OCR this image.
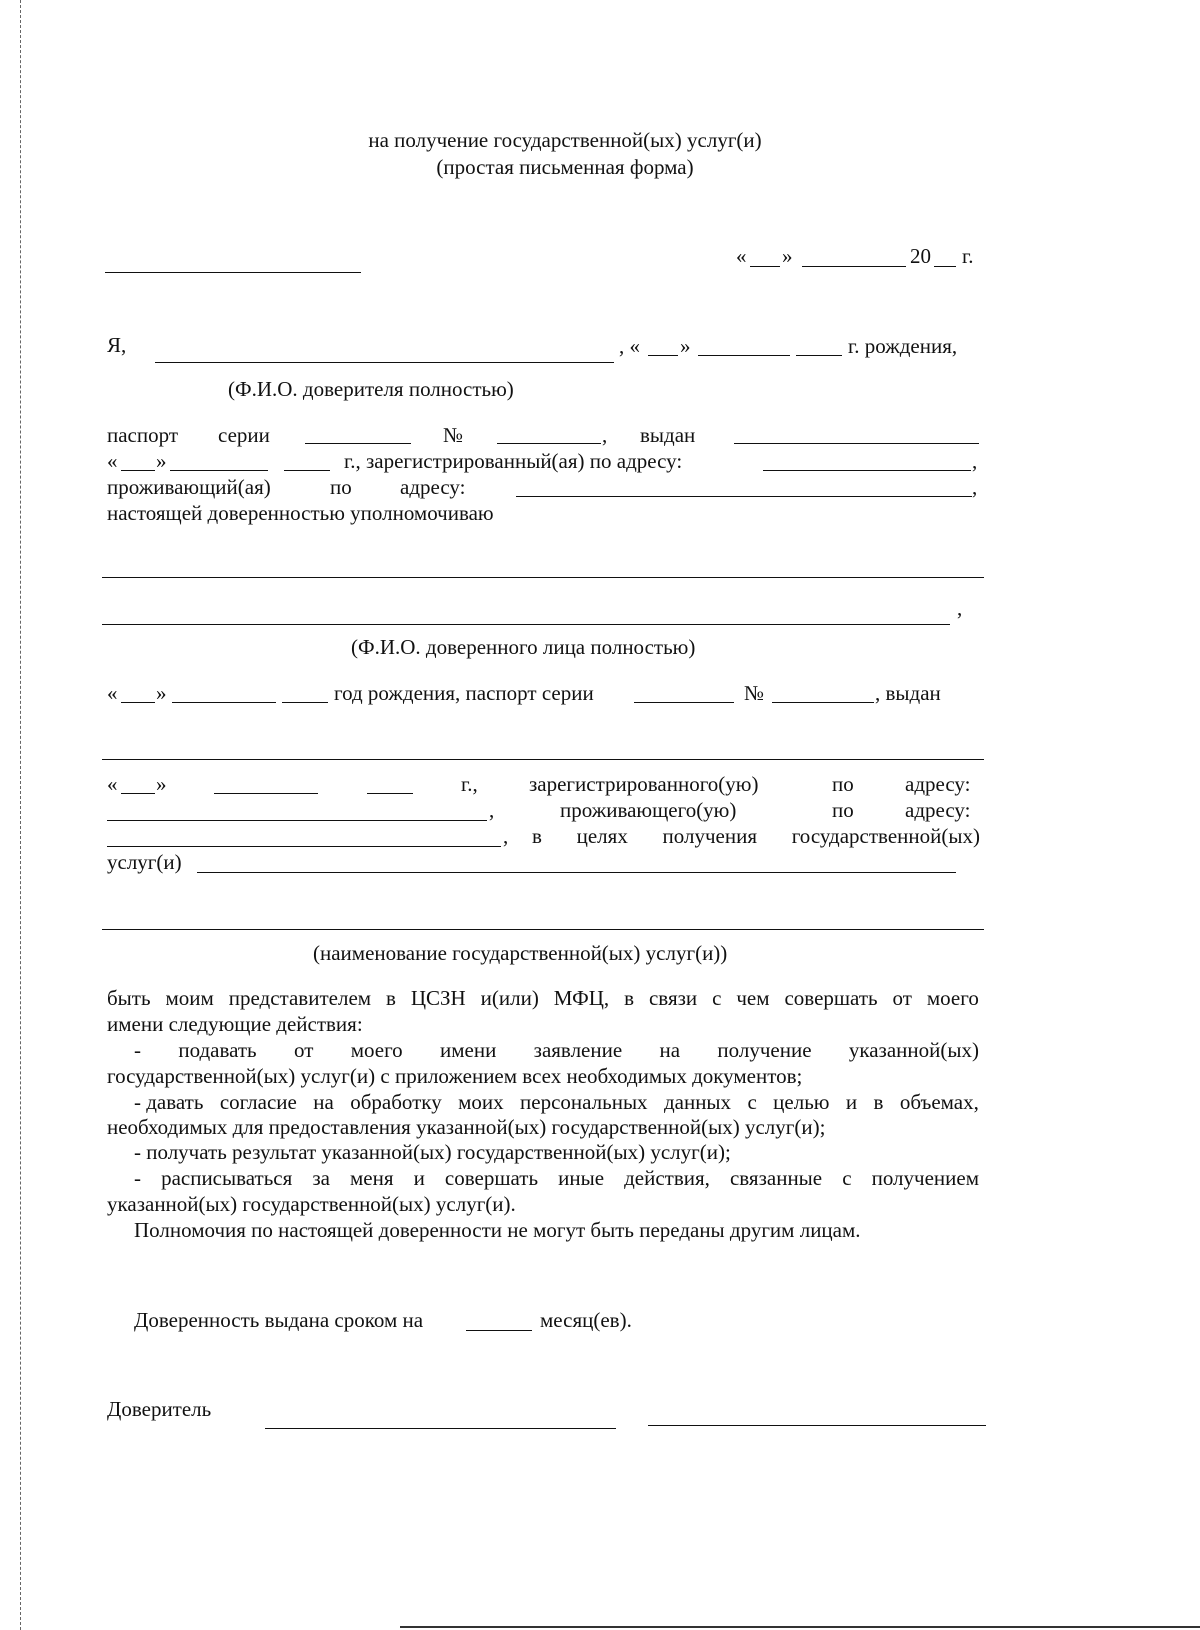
на получение государственной(ых) услуг(и)
(простая письменная форма)
« »	20 г.
Я,	, « »	г. рождения,
(Ф.И.О. доверителя полностью)
паспорт серии	№	, выдан
« »	г., зарегистрированный(ая) по адресу:	,
проживающий(ая)	по адресу:	,
настоящей доверенностью уполномочиваю
,
(Ф.И.О. доверенного лица полностью)
« »	год рождения, паспорт серии	№	, выдан
« »	г., зарегистрированного(ую)	по адресу:
,	проживающего(ую)	по адресу:
, в целях получения государственной(ых)
услуг(и)
(наименование государственной(ых) услуг(и))
быть моим представителем в ЦСЗН и(или) МФЦ, в связи с чем совершать от моего
имени следующие действия:
- подавать от моего имени заявление на получение указанной(ых)
государственной(ых) услуг(и) с приложением всех необходимых документов;
- давать согласие на обработку моих персональных данных с целью и в объемах,
необходимых для предоставления указанной(ых) государственной(ых) услуг(и);
- получать результат указанной(ых) государственной(ых) услуг(и);
- расписываться за меня и совершать иные действия, связанные с получением
указанной(ых) государственной(ых) услуг(и).
Полномочия по настоящей доверенности не могут быть переданы другим лицам.
Доверенность выдана сроком на	месяц(ев).
Доверитель
